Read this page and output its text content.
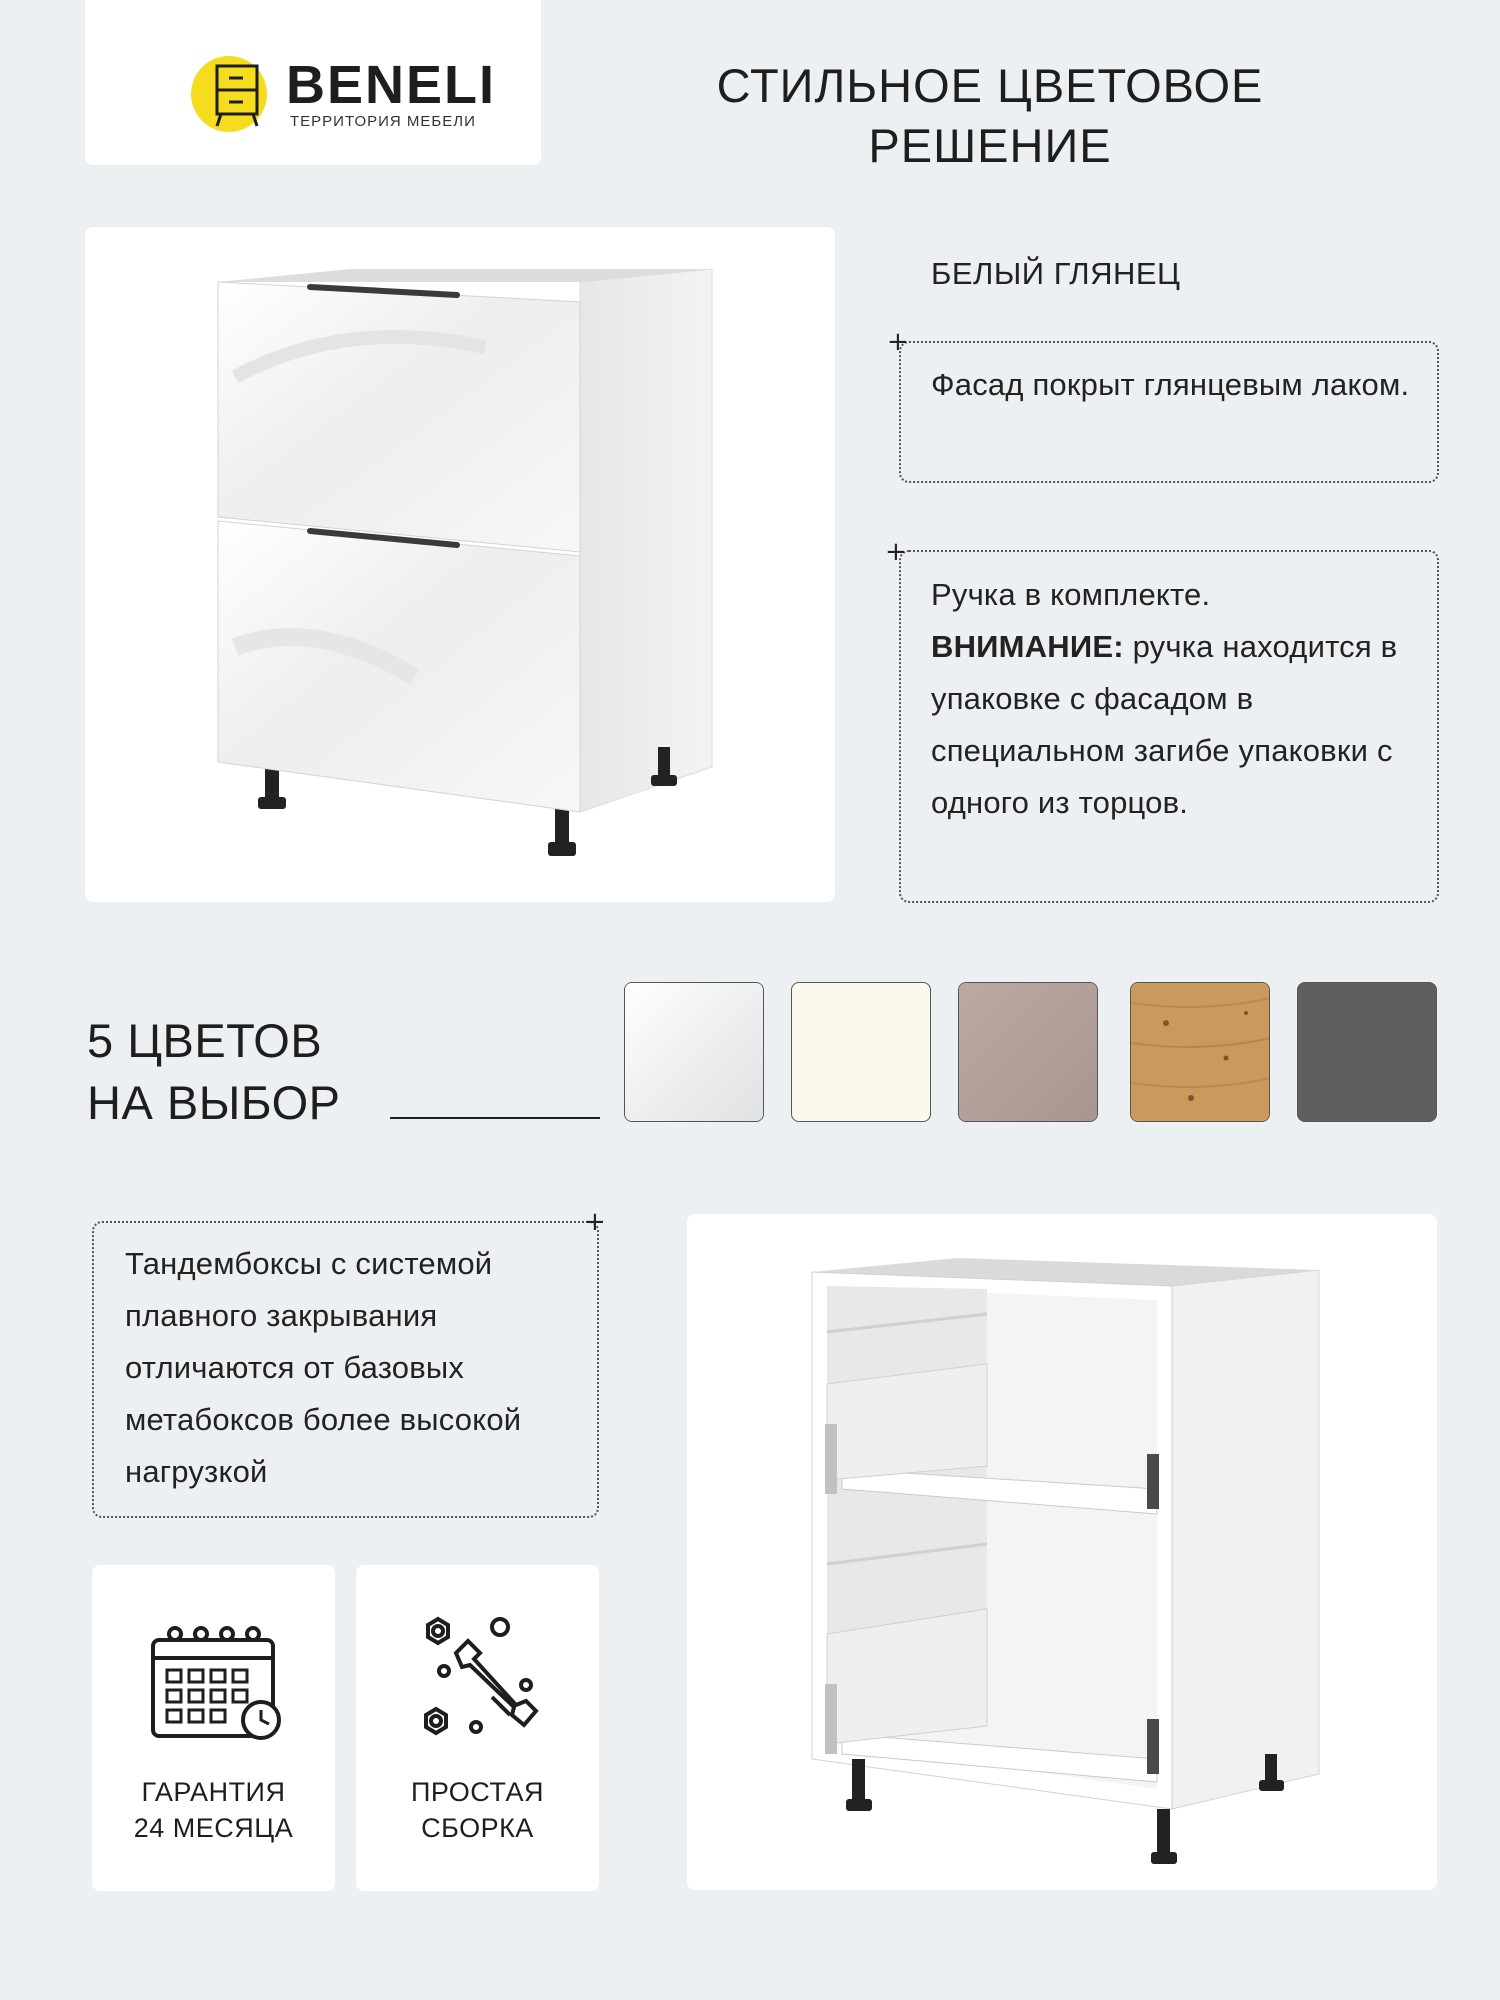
BENELI
ТЕРРИТОРИЯ МЕБЕЛИ
СТИЛЬНОЕ ЦВЕТОВОЕ
РЕШЕНИЕ
БЕЛЫЙ ГЛЯНЕЦ
+
Фасад покрыт глянцевым лаком.
+
Ручка в комплекте.
ВНИМАНИЕ: ручка находится в упаковке с фасадом в специальном загибе упаковки с одного из торцов.
5 ЦВЕТОВ
НА ВЫБОР
+
Тандембоксы с системой плавного закрывания отличаются от базовых метабоксов более высокой нагрузкой
ГАРАНТИЯ
24 МЕСЯЦА
ПРОСТАЯ
СБОРКА
